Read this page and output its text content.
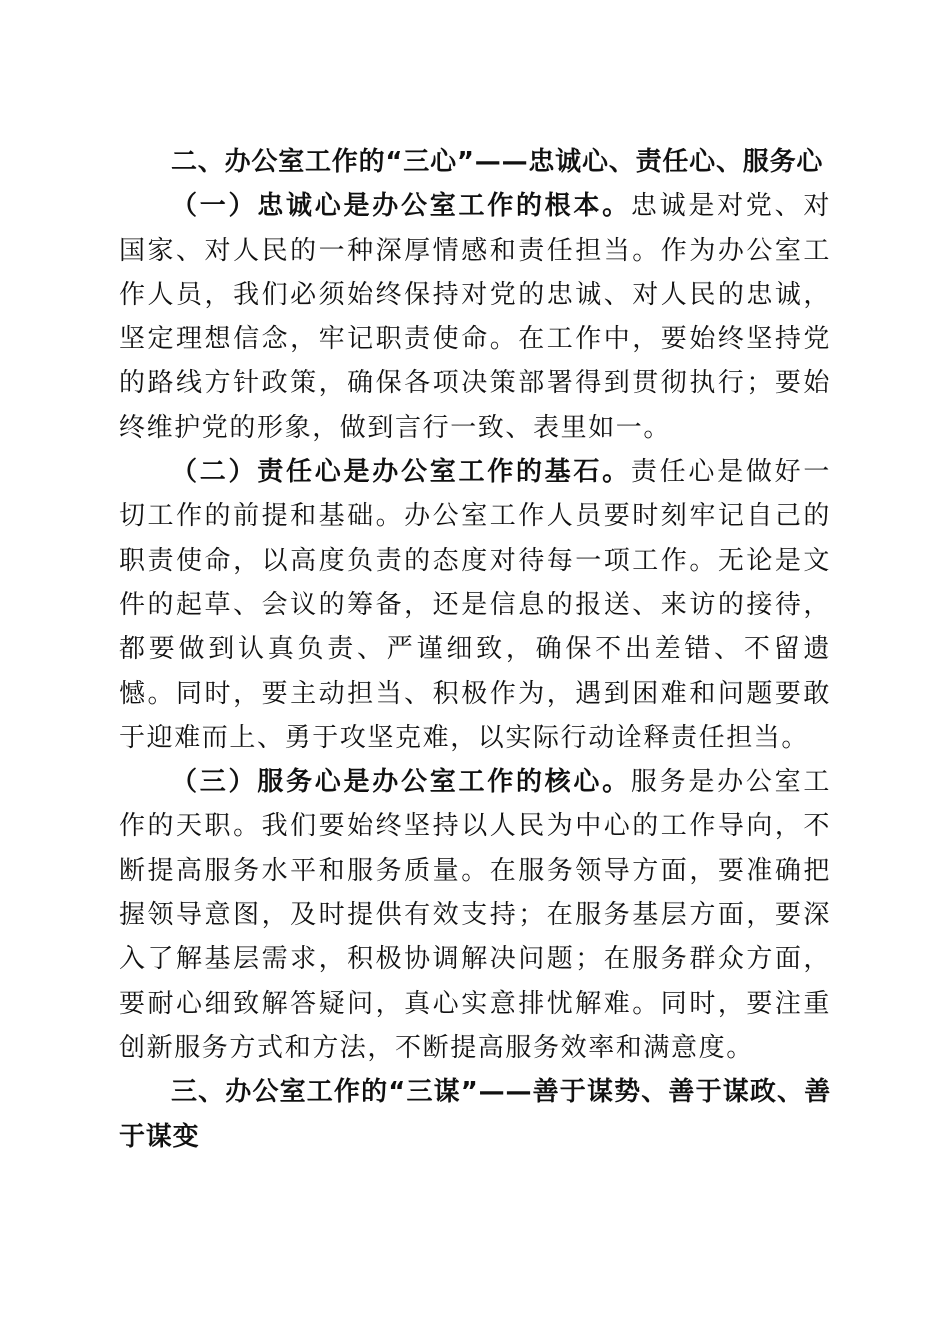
二、办公室工作的“三心”——忠诚心、责任心、服务心

（一）忠诚心是办公室工作的根本。忠诚是对党、对国家、对人民的一种深厚情感和责任担当。作为办公室工作人员，我们必须始终保持对党的忠诚、对人民的忠诚，坚定理想信念，牢记职责使命。在工作中，要始终坚持党的路线方针政策，确保各项决策部署得到贯彻执行；要始终维护党的形象，做到言行一致、表里如一。

（二）责任心是办公室工作的基石。责任心是做好一切工作的前提和基础。办公室工作人员要时刻牢记自己的职责使命，以高度负责的态度对待每一项工作。无论是文件的起草、会议的筹备，还是信息的报送、来访的接待，都要做到认真负责、严谨细致，确保不出差错、不留遗憾。同时，要主动担当、积极作为，遇到困难和问题要敢于迎难而上、勇于攻坚克难，以实际行动诠释责任担当。

（三）服务心是办公室工作的核心。服务是办公室工作的天职。我们要始终坚持以人民为中心的工作导向，不断提高服务水平和服务质量。在服务领导方面，要准确把握领导意图，及时提供有效支持；在服务基层方面，要深入了解基层需求，积极协调解决问题；在服务群众方面，要耐心细致解答疑问，真心实意排忧解难。同时，要注重创新服务方式和方法，不断提高服务效率和满意度。

三、办公室工作的“三谋”——善于谋势、善于谋政、善于谋变
